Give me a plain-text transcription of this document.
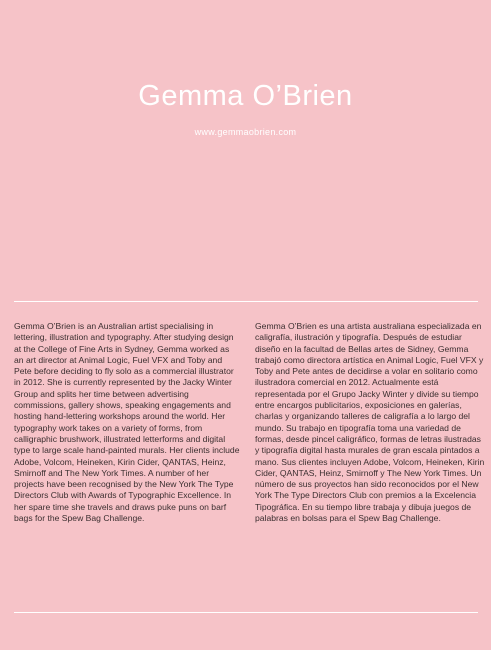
Gemma O’Brien
www.gemmaobrien.com

Gemma O’Brien is an Australian artist specialising in lettering, illustration and typography. After studying design at the College of Fine Arts in Sydney, Gemma worked as an art director at Animal Logic, Fuel VFX and Toby and Pete before deciding to fly solo as a commercial illustrator in 2012. She is currently represented by the Jacky Winter Group and splits her time between advertising commissions, gallery shows, speaking engagements and hosting hand-lettering workshops around the world. Her typography work takes on a variety of forms, from calligraphic brushwork, illustrated letterforms and digital type to large scale hand-painted murals. Her clients include Adobe, Volcom, Heineken, Kirin Cider, QANTAS, Heinz, Smirnoff and The New York Times. A number of her projects have been recognised by the New York The Type Directors Club with Awards of Typographic Excellence. In her spare time she travels and draws puke puns on barf bags for the Spew Bag Challenge.

Gemma O’Brien es una artista australiana especializada en caligrafía, ilustración y tipografía. Después de estudiar diseño en la facultad de Bellas artes de Sidney, Gemma trabajó como directora artística en Animal Logic, Fuel VFX y Toby and Pete antes de decidirse a volar en solitario como ilustradora comercial en 2012. Actualmente está representada por el Grupo Jacky Winter y divide su tiempo entre encargos publicitarios, exposiciones en galerías, charlas y organizando talleres de caligrafía a lo largo del mundo. Su trabajo en tipografía toma una variedad de formas, desde pincel caligráfico, formas de letras ilustradas y tipografía digital hasta murales de gran escala pintados a mano. Sus clientes incluyen Adobe, Volcom, Heineken, Kirin Cider, QANTAS, Heinz, Smirnoff y The New York Times. Un número de sus proyectos han sido reconocidos por el New York The Type Directors Club con premios a la Excelencia Tipográfica. En su tiempo libre trabaja y dibuja juegos de palabras en bolsas para el Spew Bag Challenge.
